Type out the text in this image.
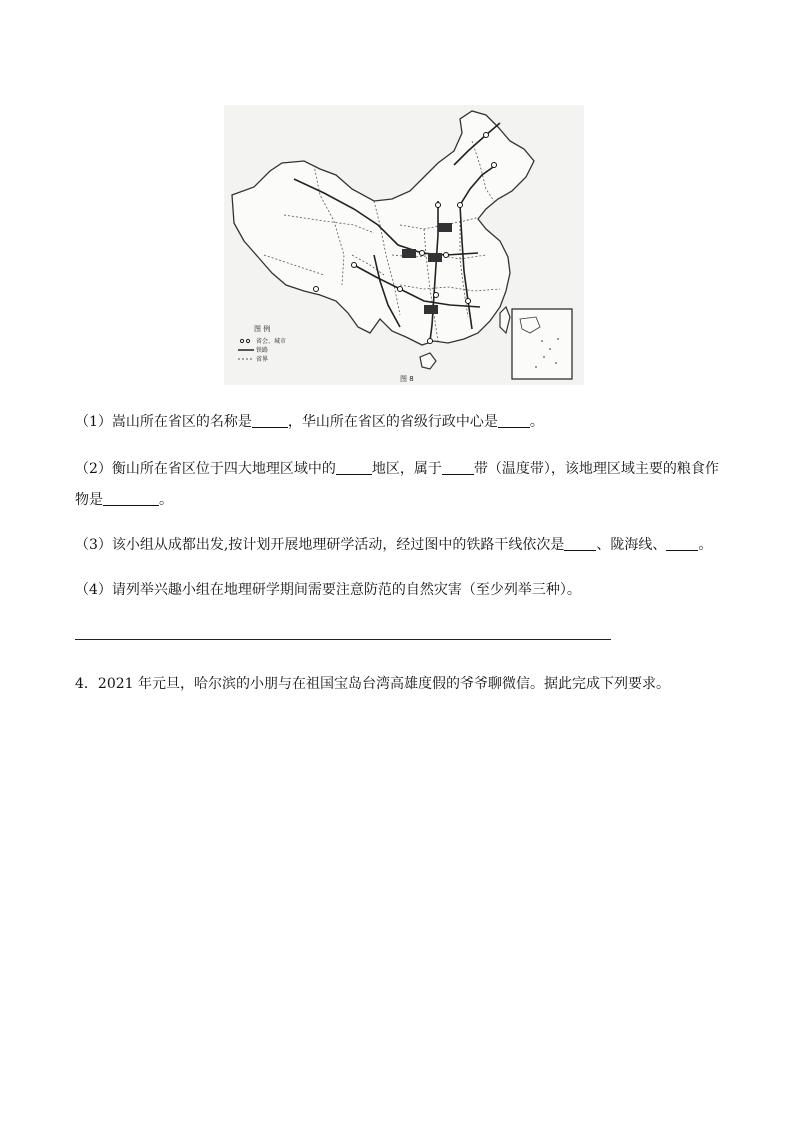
图 例
省会、城市
铁路
省界
图 8
（1）嵩山所在省区的名称是	，华山所在省区的省级行政中心是 。
（2）衡山所在省区位于四大地理区域中的	地区，属于 带（温度带），该地理区域主要的粮食作
物是	。
（3）该小组从成都出发,按计划开展地理研学活动，经过图中的铁路干线依次是 、陇海线、 。
（4）请列举兴趣小组在地理研学期间需要注意防范的自然灾害（至少列举三种）。
4．2021 年元旦，哈尔滨的小朋与在祖国宝岛台湾高雄度假的爷爷聊微信。据此完成下列要求。
